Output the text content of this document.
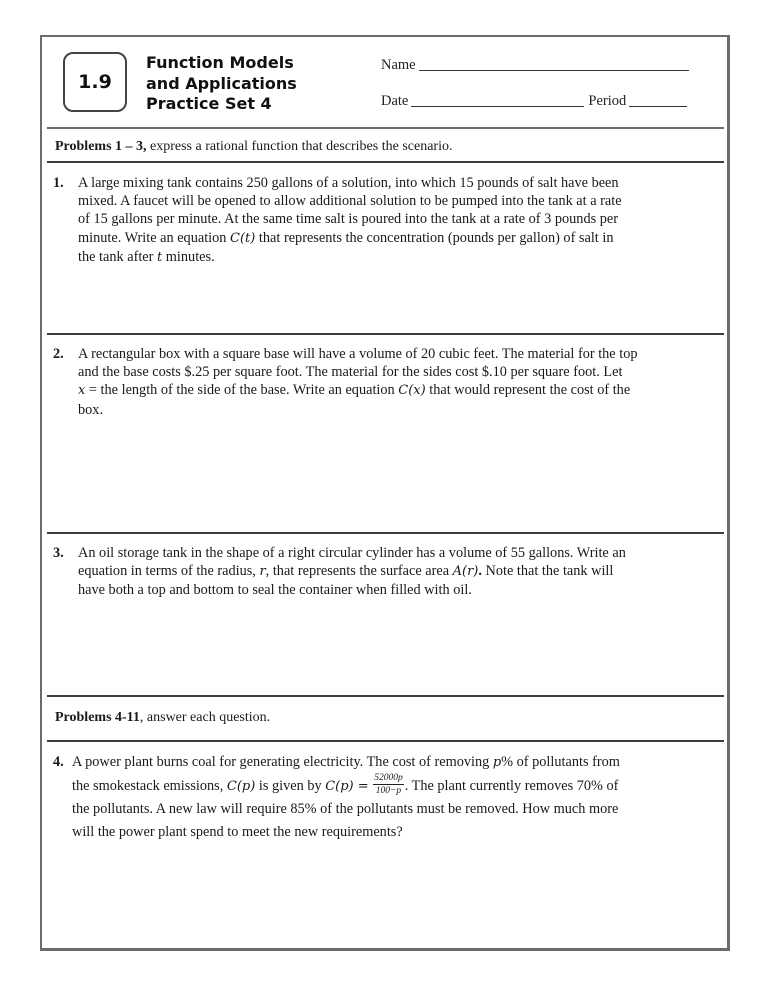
1.9
Function Models
and Applications
Practice Set 4
Name
Date	Period
Problems 1 – 3, express a rational function that describes the scenario.
1. A large mixing tank contains 250 gallons of a solution, into which 15 pounds of salt have been
mixed. A faucet will be opened to allow additional solution to be pumped into the tank at a rate
of 15 gallons per minute. At the same time salt is poured into the tank at a rate of 3 pounds per
minute. Write an equation C(t) that represents the concentration (pounds per gallon) of salt in
the tank after t minutes.
2. A rectangular box with a square base will have a volume of 20 cubic feet. The material for the top
and the base costs $.25 per square foot. The material for the sides cost $.10 per square foot. Let
x = the length of the side of the base. Write an equation C(x) that would represent the cost of the
box.
3. An oil storage tank in the shape of a right circular cylinder has a volume of 55 gallons. Write an
equation in terms of the radius, r, that represents the surface area A(r). Note that the tank will
have both a top and bottom to seal the container when filled with oil.
Problems 4-11, answer each question.
4. A power plant burns coal for generating electricity. The cost of removing p% of pollutants from
the smokestack emissions, C(p) is given by $C(p) = \frac{52000p}{100-p}$ . The plant currently removes 70% of
the pollutants. A new law will require 85% of the pollutants must be removed. How much more
will the power plant spend to meet the new requirements?
